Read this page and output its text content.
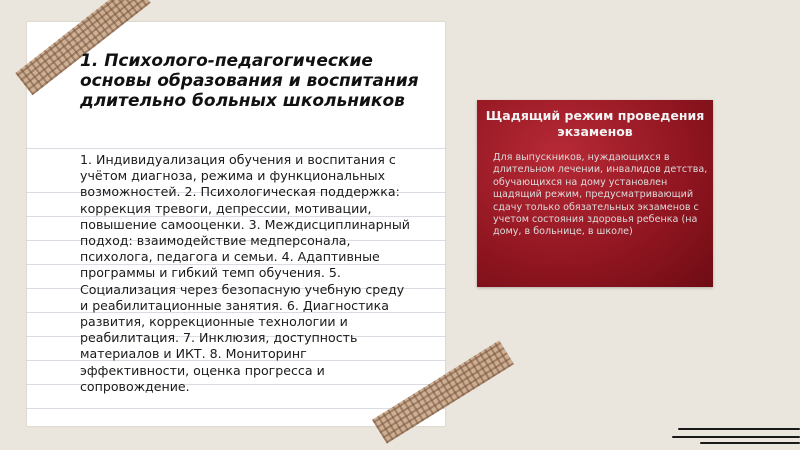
1. Психолого-педагогические основы образования и воспитания длительно больных школьников

1. Индивидуализация обучения и воспитания с учётом диагноза, режима и функциональных возможностей. 2. Психологическая поддержка: коррекция тревоги, депрессии, мотивации, повышение самооценки. 3. Междисциплинарный подход: взаимодействие медперсонала, психолога, педагога и семьи. 4. Адаптивные программы и гибкий темп обучения. 5. Социализация через безопасную учебную среду и реабилитационные занятия. 6. Диагностика развития, коррекционные технологии и реабилитация. 7. Инклюзия, доступность материалов и ИКТ. 8. Мониторинг эффективности, оценка прогресса и сопровождение.

Щадящий режим проведения экзаменов

Для выпускников, нуждающихся в длительном лечении, инвалидов детства, обучающихся на дому установлен щадящий режим, предусматривающий сдачу только обязательных экзаменов с учетом состояния здоровья ребенка (на дому, в больнице, в школе)
